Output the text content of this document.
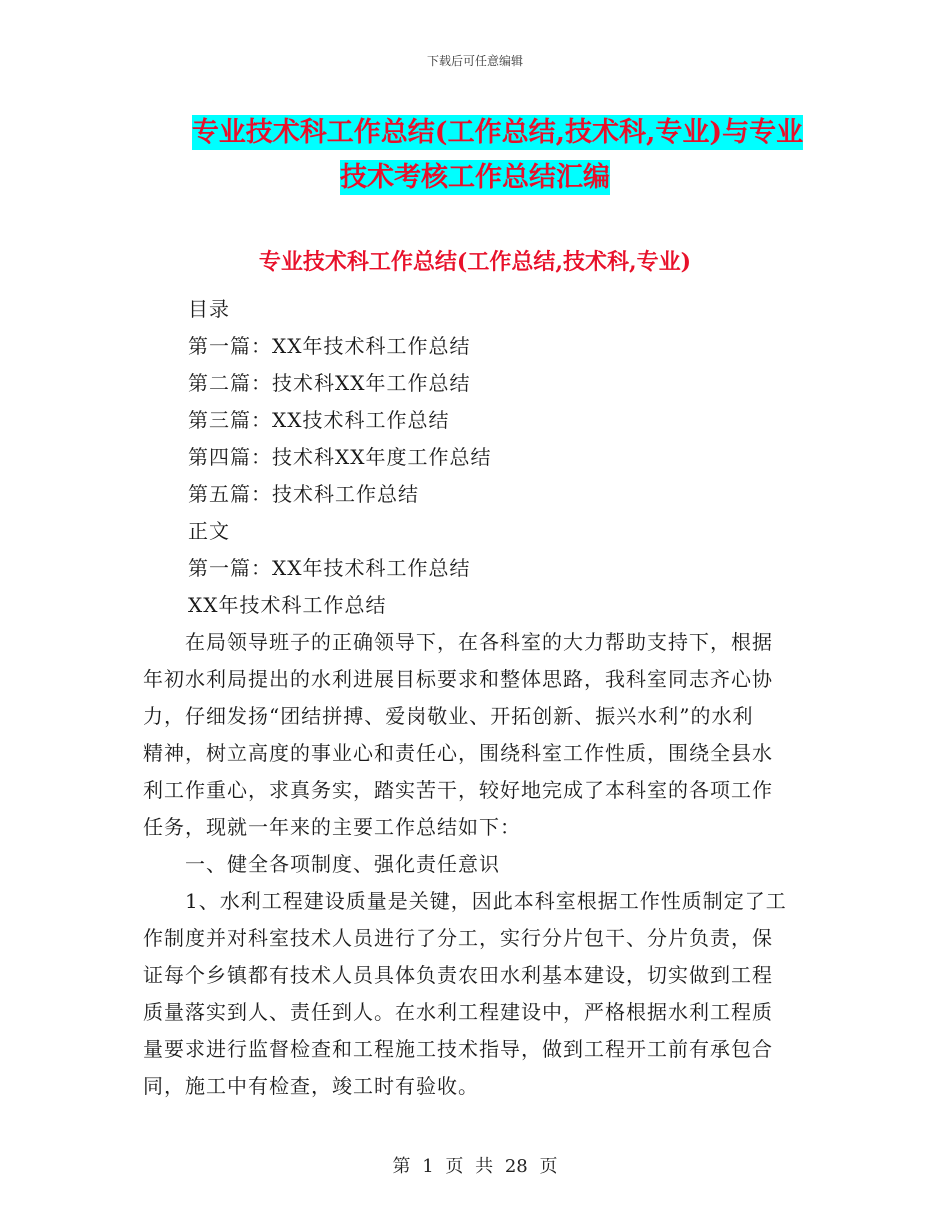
下载后可任意编辑
专业技术科工作总结(工作总结,技术科,专业)与专业
技术考核工作总结汇编
专业技术科工作总结(工作总结,技术科,专业)
目录
第一篇：XX年技术科工作总结
第二篇：技术科XX年工作总结
第三篇：XX技术科工作总结
第四篇：技术科XX年度工作总结
第五篇：技术科工作总结
正文
第一篇：XX年技术科工作总结
XX年技术科工作总结
　　在局领导班子的正确领导下，在各科室的大力帮助支持下，根据
年初水利局提出的水利进展目标要求和整体思路，我科室同志齐心协
力，仔细发扬“团结拼搏、爱岗敬业、开拓创新、振兴水利”的水利
精神，树立高度的事业心和责任心，围绕科室工作性质，围绕全县水
利工作重心，求真务实，踏实苦干，较好地完成了本科室的各项工作
任务，现就一年来的主要工作总结如下：
　　一、健全各项制度、强化责任意识
　　1、水利工程建设质量是关键，因此本科室根据工作性质制定了工
作制度并对科室技术人员进行了分工，实行分片包干、分片负责，保
证每个乡镇都有技术人员具体负责农田水利基本建设，切实做到工程
质量落实到人、责任到人。在水利工程建设中，严格根据水利工程质
量要求进行监督检查和工程施工技术指导，做到工程开工前有承包合
同，施工中有检查，竣工时有验收。
第 1 页 共 28 页
